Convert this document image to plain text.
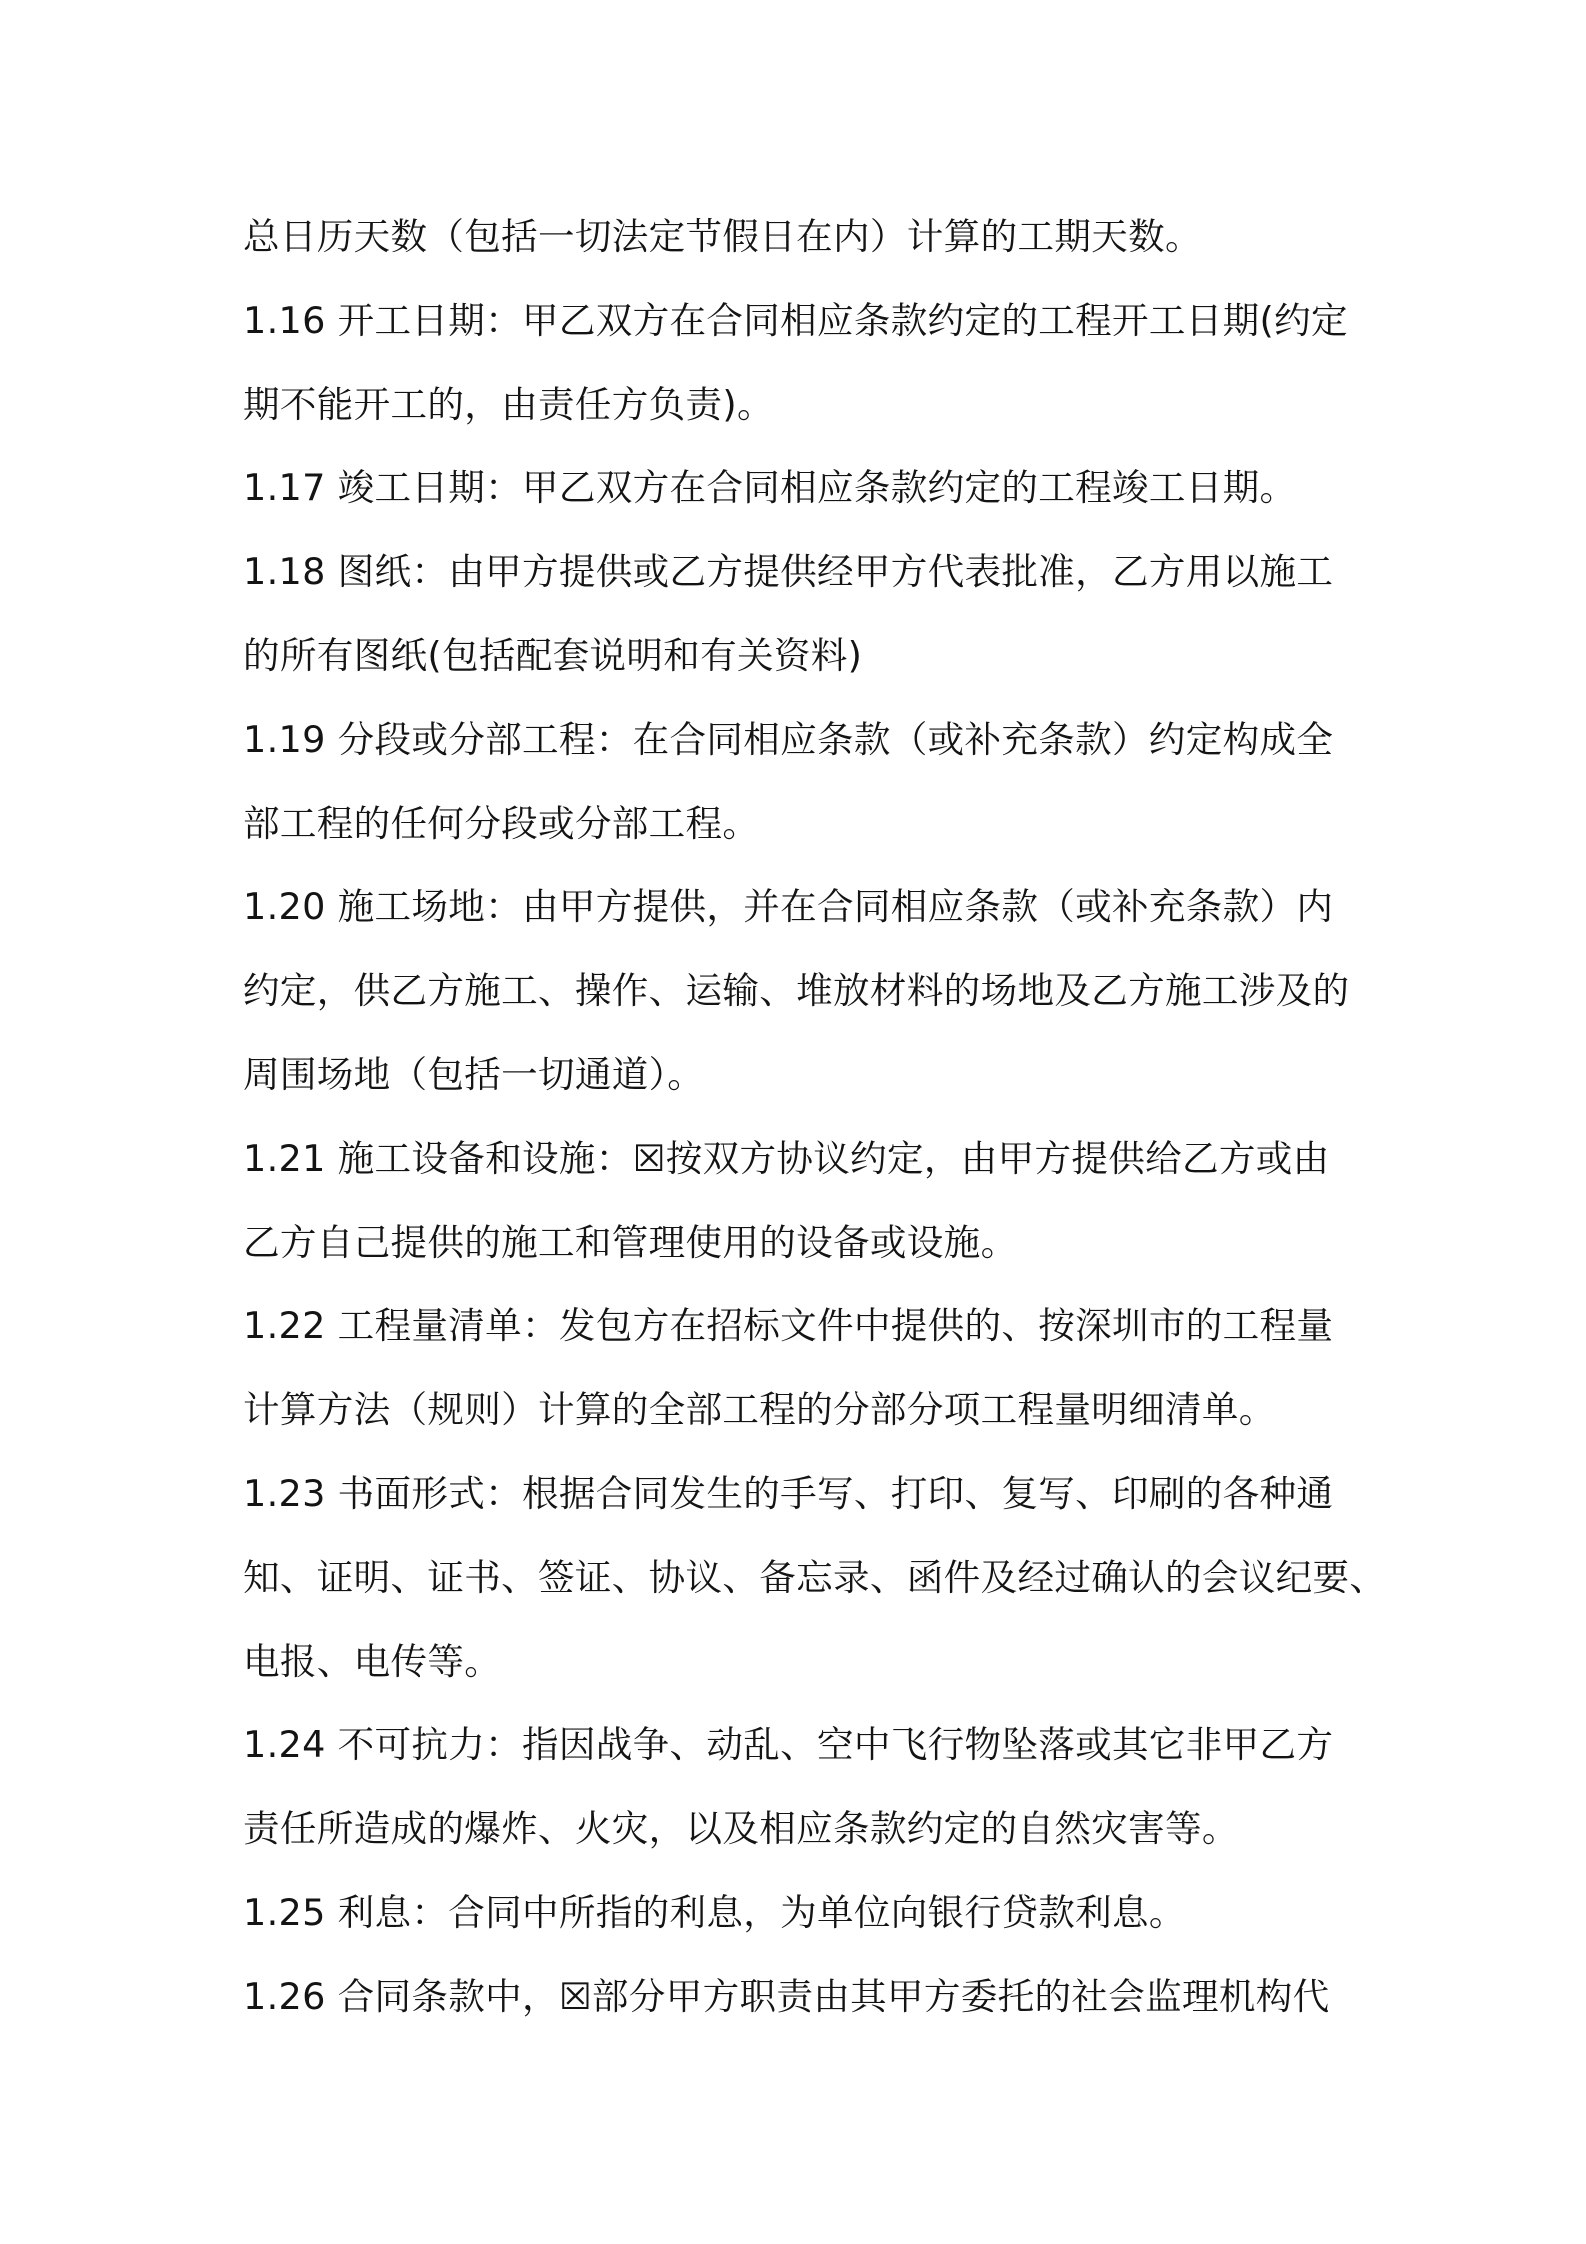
总日历天数（包括一切法定节假日在内）计算的工期天数。
1.16 开工日期：甲乙双方在合同相应条款约定的工程开工日期(约定
期不能开工的，由责任方负责)。
1.17 竣工日期：甲乙双方在合同相应条款约定的工程竣工日期。
1.18 图纸：由甲方提供或乙方提供经甲方代表批准，乙方用以施工
的所有图纸(包括配套说明和有关资料)
1.19 分段或分部工程：在合同相应条款（或补充条款）约定构成全
部工程的任何分段或分部工程。
1.20 施工场地：由甲方提供，并在合同相应条款（或补充条款）内
约定，供乙方施工、操作、运输、堆放材料的场地及乙方施工涉及的
周围场地（包括一切通道）。
1.21 施工设备和设施：☒按双方协议约定，由甲方提供给乙方或由
乙方自己提供的施工和管理使用的设备或设施。
1.22 工程量清单：发包方在招标文件中提供的、按深圳市的工程量
计算方法（规则）计算的全部工程的分部分项工程量明细清单。
1.23 书面形式：根据合同发生的手写、打印、复写、印刷的各种通
知、证明、证书、签证、协议、备忘录、函件及经过确认的会议纪要、
电报、电传等。
1.24 不可抗力：指因战争、动乱、空中飞行物坠落或其它非甲乙方
责任所造成的爆炸、火灾，以及相应条款约定的自然灾害等。
1.25 利息：合同中所指的利息，为单位向银行贷款利息。
1.26 合同条款中，☒部分甲方职责由其甲方委托的社会监理机构代
